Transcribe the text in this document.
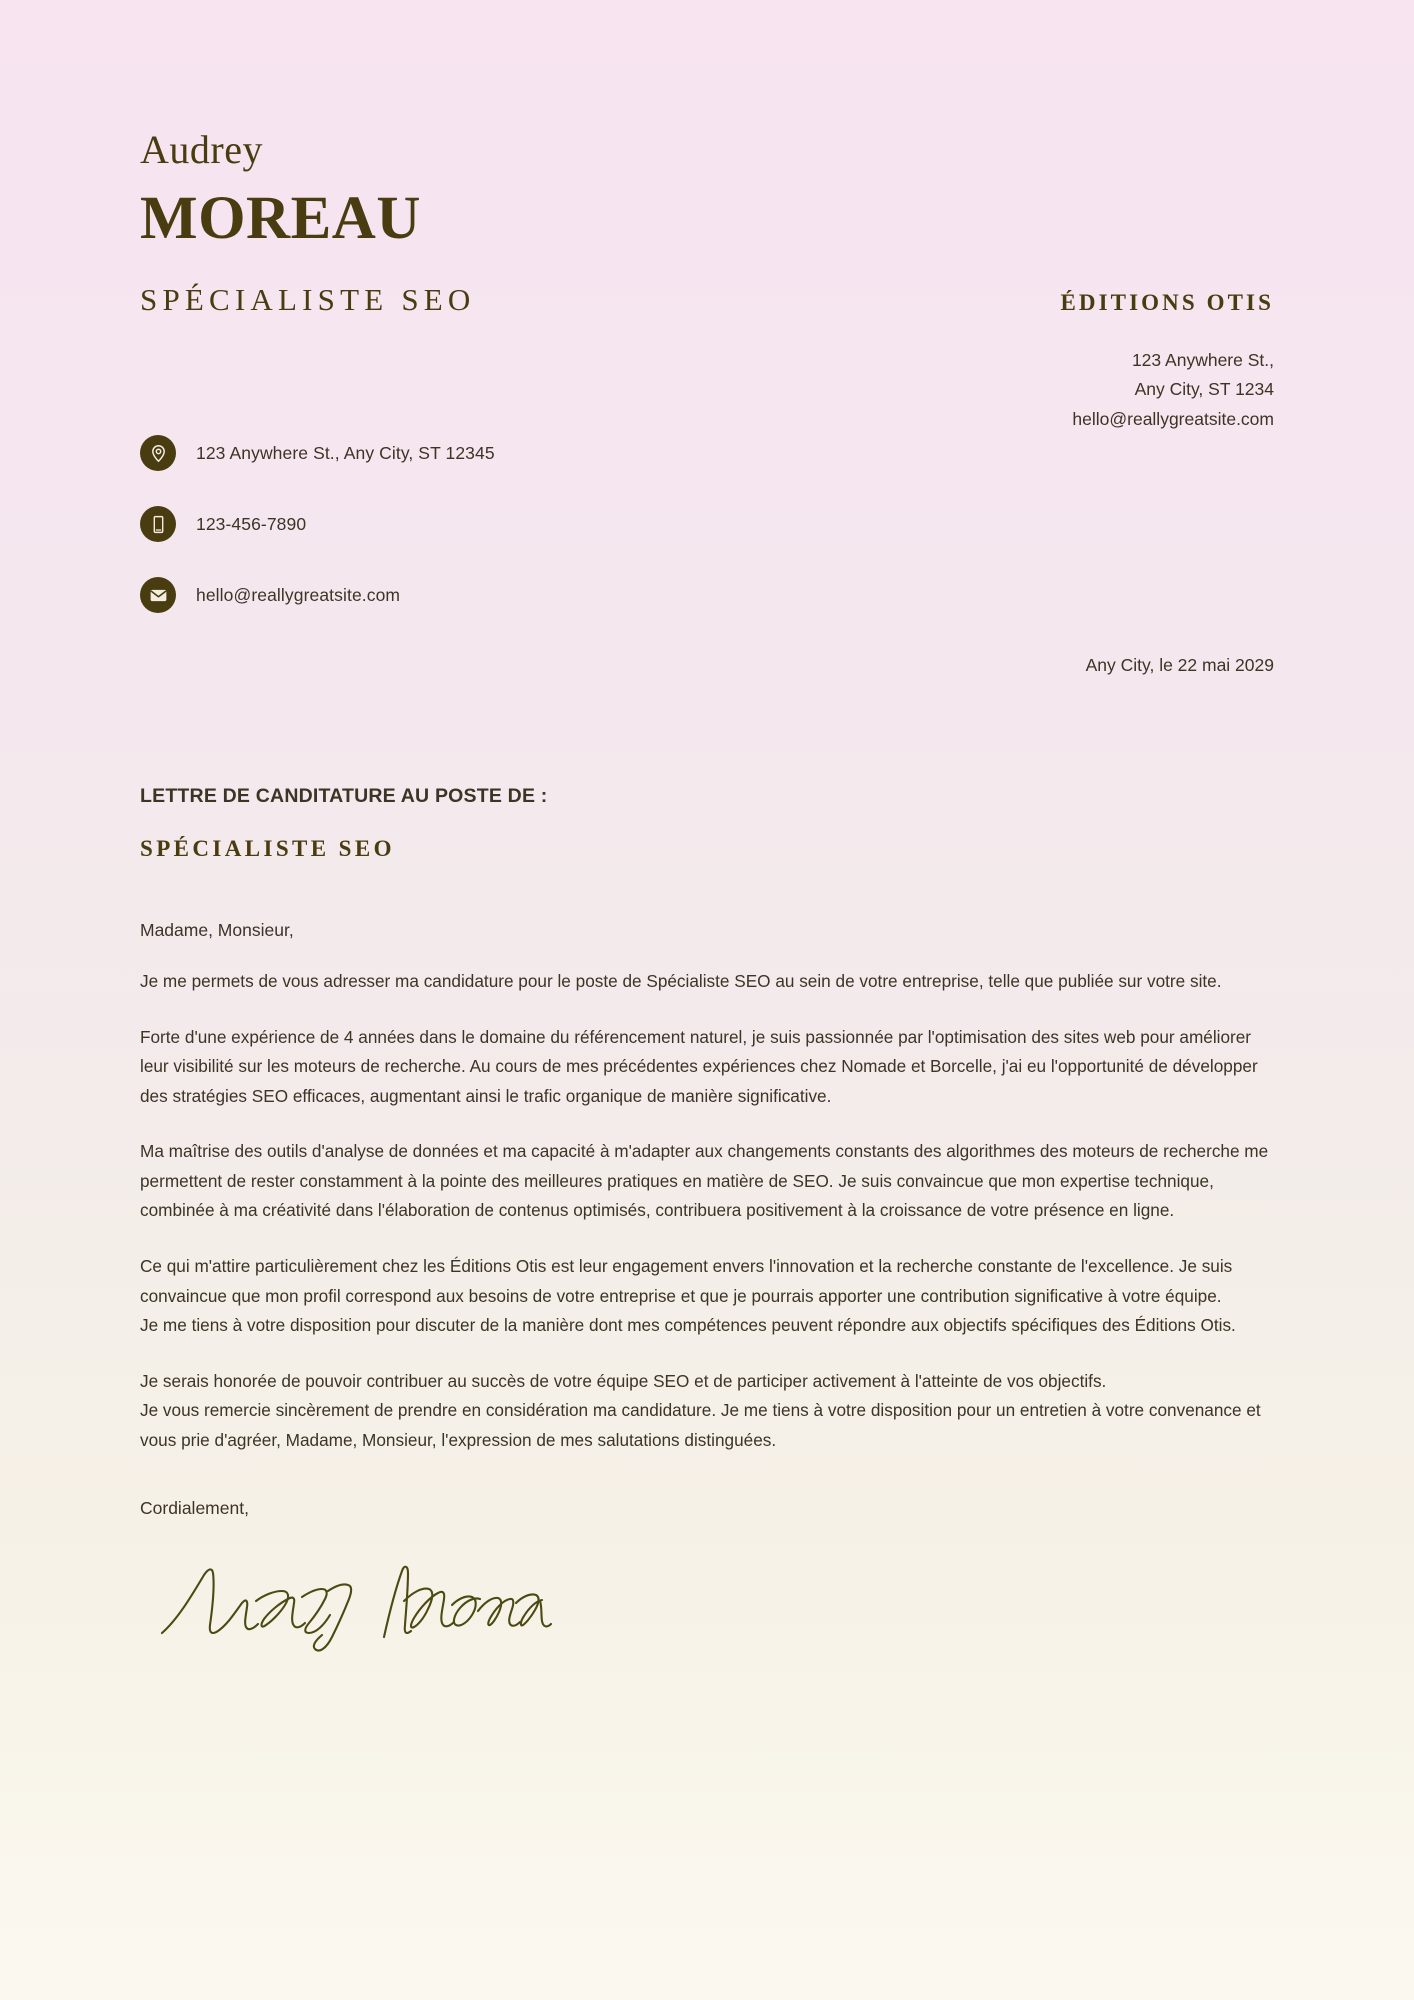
Audrey
MOREAU
SPÉCIALISTE SEO
123 Anywhere St., Any City, ST 12345
123-456-7890
hello@reallygreatsite.com
ÉDITIONS OTIS
123 Anywhere St.,
Any City, ST 1234
hello@reallygreatsite.com
Any City, le 22 mai 2029
LETTRE DE CANDITATURE AU POSTE DE :
SPÉCIALISTE SEO
Madame, Monsieur,

Je me permets de vous adresser ma candidature pour le poste de Spécialiste SEO au sein de votre entreprise, telle que publiée sur votre site.

Forte d'une expérience de 4 années dans le domaine du référencement naturel, je suis passionnée par l'optimisation des sites web pour améliorer leur visibilité sur les moteurs de recherche. Au cours de mes précédentes expériences chez Nomade et Borcelle, j'ai eu l'opportunité de développer des stratégies SEO efficaces, augmentant ainsi le trafic organique de manière significative.

Ma maîtrise des outils d'analyse de données et ma capacité à m'adapter aux changements constants des algorithmes des moteurs de recherche me permettent de rester constamment à la pointe des meilleures pratiques en matière de SEO. Je suis convaincue que mon expertise technique, combinée à ma créativité dans l'élaboration de contenus optimisés, contribuera positivement à la croissance de votre présence en ligne.

Ce qui m'attire particulièrement chez les Éditions Otis est leur engagement envers l'innovation et la recherche constante de l'excellence. Je suis convaincue que mon profil correspond aux besoins de votre entreprise et que je pourrais apporter une contribution significative à votre équipe.

Je me tiens à votre disposition pour discuter de la manière dont mes compétences peuvent répondre aux objectifs spécifiques des Éditions Otis.

Je serais honorée de pouvoir contribuer au succès de votre équipe SEO et de participer activement à l'atteinte de vos objectifs.

Je vous remercie sincèrement de prendre en considération ma candidature. Je me tiens à votre disposition pour un entretien à votre convenance et vous prie d'agréer, Madame, Monsieur, l'expression de mes salutations distinguées.

Cordialement,
